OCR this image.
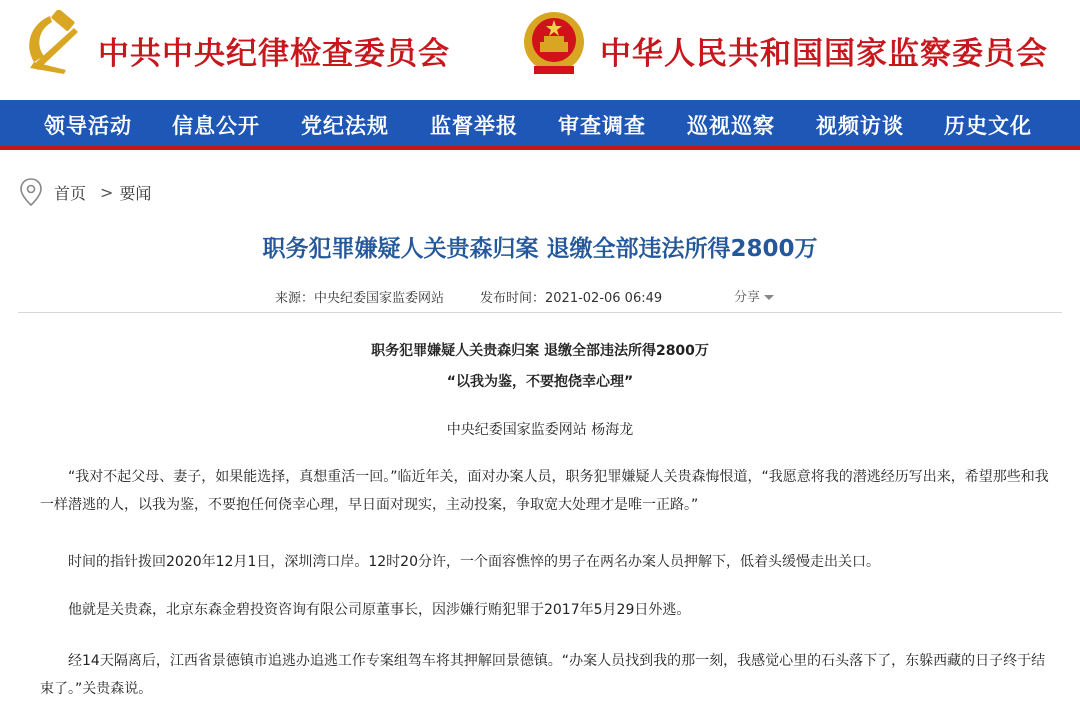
中共中央纪律检查委员会	中华人民共和国国家监察委员会
领导活动 信息公开 党纪法规 监督举报 审查调查 巡视巡察 视频访谈 历史文化
首页 > 要闻
职务犯罪嫌疑人关贵森归案 退缴全部违法所得2800万
来源：中央纪委国家监委网站	发布时间：2021-02-06 06:49	分享
职务犯罪嫌疑人关贵森归案 退缴全部违法所得2800万
“以我为鉴，不要抱侥幸心理”
中央纪委国家监委网站 杨海龙
“我对不起父母、妻子，如果能选择，真想重活一回。”临近年关，面对办案人员，职务犯罪嫌疑人关贵森悔恨道，“我愿意将我的潜逃经历写出来，希望那些和我一样潜逃的人，以我为鉴，不要抱任何侥幸心理，早日面对现实，主动投案，争取宽大处理才是唯一正路。”
时间的指针拨回2020年12月1日，深圳湾口岸。12时20分许，一个面容憔悴的男子在两名办案人员押解下，低着头缓慢走出关口。
他就是关贵森，北京东森金碧投资咨询有限公司原董事长，因涉嫌行贿犯罪于2017年5月29日外逃。
经14天隔离后，江西省景德镇市追逃办追逃工作专案组驾车将其押解回景德镇。“办案人员找到我的那一刻，我感觉心里的石头落下了，东躲西藏的日子终于结束了。”关贵森说。
